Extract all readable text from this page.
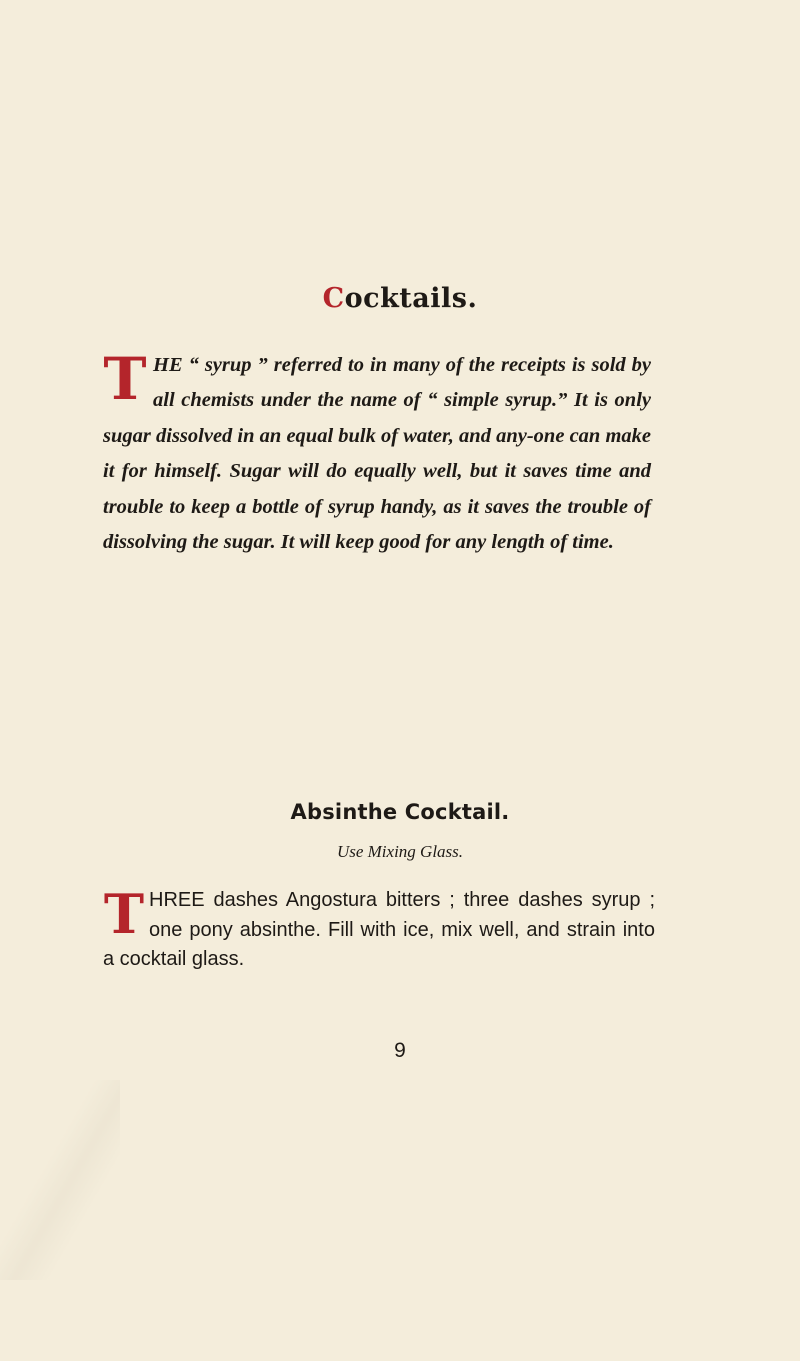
Cocktails.
THE “ syrup ” referred to in many of the receipts is sold by all chemists under the name of “ simple syrup.” It is only sugar dissolved in an equal bulk of water, and any-one can make it for himself. Sugar will do equally well, but it saves time and trouble to keep a bottle of syrup handy, as it saves the trouble of dissolving the sugar. It will keep good for any length of time.
Absinthe Cocktail.
Use Mixing Glass.
THREE dashes Angostura bitters ; three dashes syrup ; one pony absinthe. Fill with ice, mix well, and strain into a cocktail glass.
9
